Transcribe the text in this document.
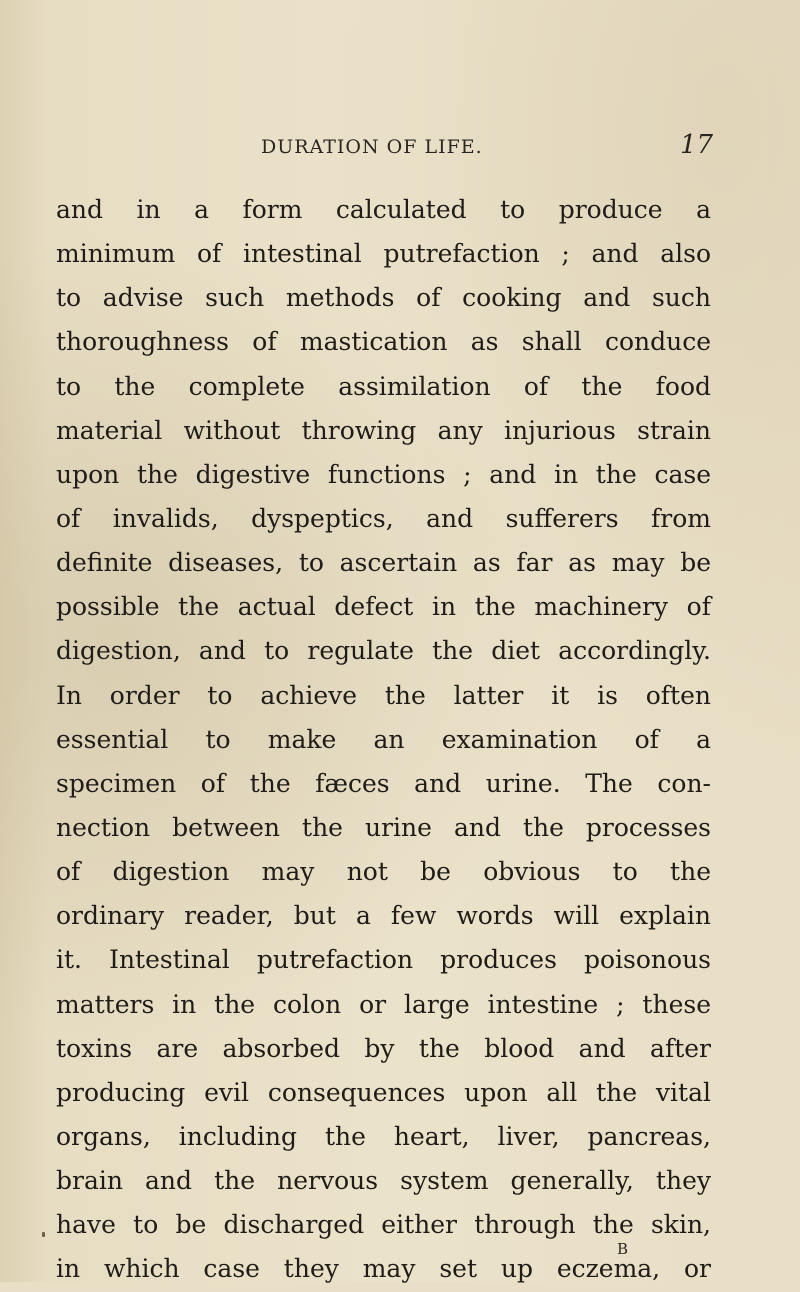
DURATION OF LIFE.	17
and in a form calculated to produce a
minimum of intestinal putrefaction ; and also
to advise such methods of cooking and such
thoroughness of mastication as shall conduce
to the complete assimilation of the food
material without throwing any injurious strain
upon the digestive functions ; and in the case
of invalids, dyspeptics, and sufferers from
definite diseases, to ascertain as far as may be
possible the actual defect in the machinery of
digestion, and to regulate the diet accordingly.
In order to achieve the latter it is often
essential to make an examination of a
specimen of the fæces and urine. The con-
nection between the urine and the processes
of digestion may not be obvious to the
ordinary reader, but a few words will explain
it. Intestinal putrefaction produces poisonous
matters in the colon or large intestine ; these
toxins are absorbed by the blood and after
producing evil consequences upon all the vital
organs, including the heart, liver, pancreas,
brain and the nervous system generally, they
have to be discharged either through the skin,
in which case they may set up eczema, or
B
